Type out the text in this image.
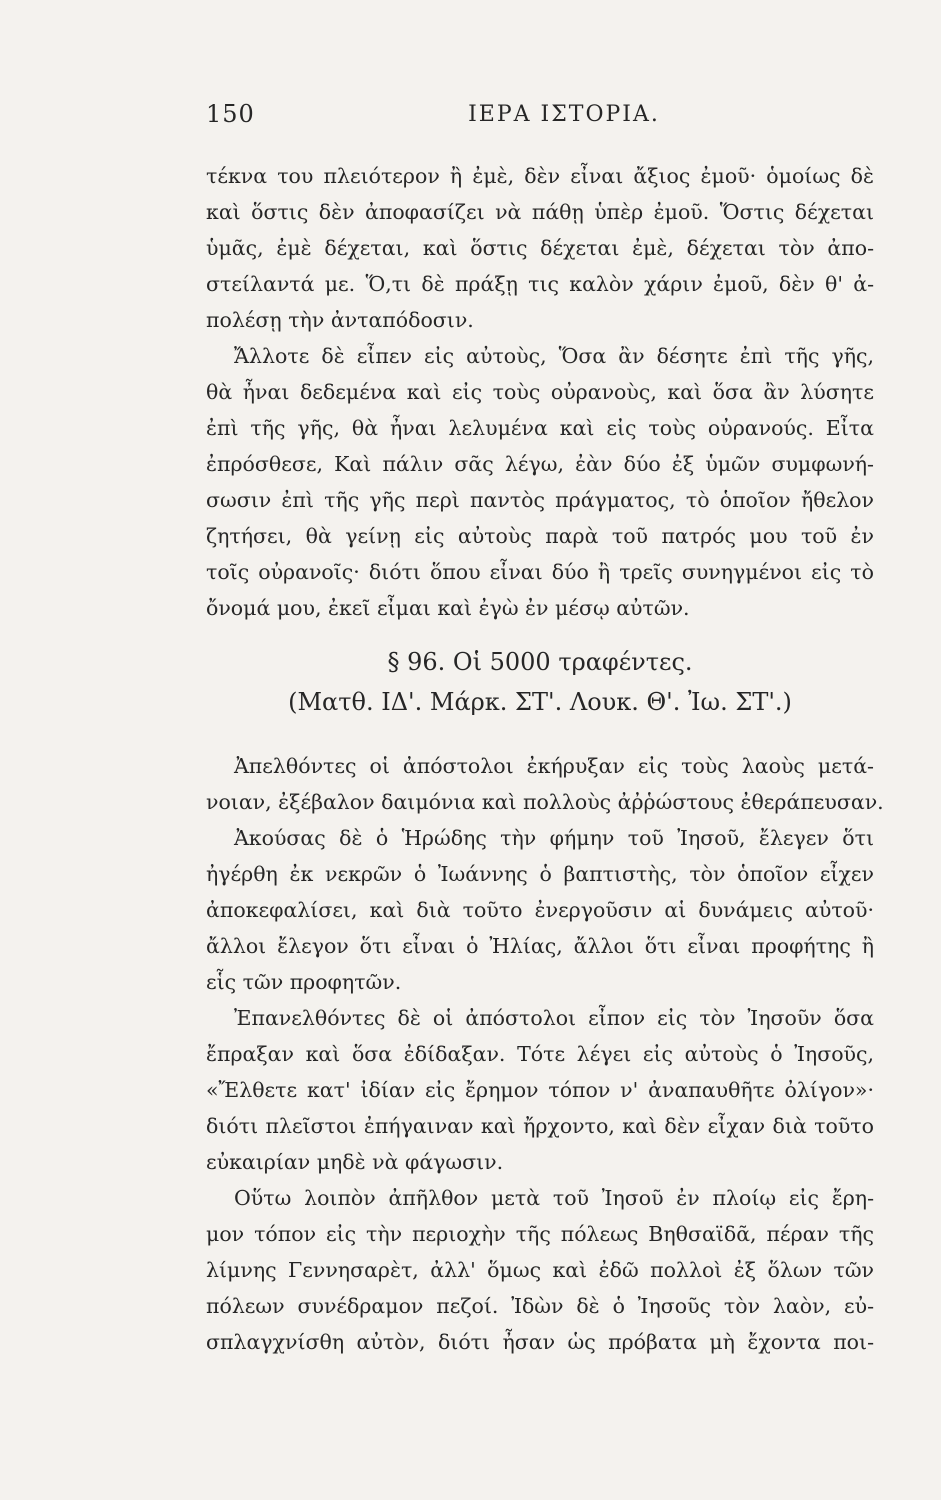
150	ΙΕΡΑ ΙΣΤΟΡΙΑ.
τέκνα του πλειότερον ἢ ἐμὲ, δὲν εἶναι ἄξιος ἐμοῦ· ὁμοίως δὲ
καὶ ὅστις δὲν ἀποφασίζει νὰ πάθῃ ὑπὲρ ἐμοῦ. Ὅστις δέχεται
ὑμᾶς, ἐμὲ δέχεται, καὶ ὅστις δέχεται ἐμὲ, δέχεται τὸν ἀπο-
στείλαντά με. Ὅ,τι δὲ πράξῃ τις καλὸν χάριν ἐμοῦ, δὲν θ' ἀ-
πολέσῃ τὴν ἀνταπόδοσιν.
Ἄλλοτε δὲ εἶπεν εἰς αὐτοὺς, Ὅσα ἂν δέσητε ἐπὶ τῆς γῆς,
θὰ ἦναι δεδεμένα καὶ εἰς τοὺς οὐρανοὺς, καὶ ὅσα ἂν λύσητε
ἐπὶ τῆς γῆς, θὰ ἦναι λελυμένα καὶ εἰς τοὺς οὐρανούς. Εἶτα
ἐπρόσθεσε, Καὶ πάλιν σᾶς λέγω, ἐὰν δύο ἐξ ὑμῶν συμφωνή-
σωσιν ἐπὶ τῆς γῆς περὶ παντὸς πράγματος, τὸ ὁποῖον ἤθελον
ζητήσει, θὰ γείνῃ εἰς αὐτοὺς παρὰ τοῦ πατρός μου τοῦ ἐν
τοῖς οὐρανοῖς· διότι ὅπου εἶναι δύο ἢ τρεῖς συνηγμένοι εἰς τὸ
ὄνομά μου, ἐκεῖ εἶμαι καὶ ἐγὼ ἐν μέσῳ αὐτῶν.
§ 96. Οἱ 5000 τραφέντες.
(Ματθ. ΙΔ'. Μάρκ. ΣΤ'. Λουκ. Θ'. Ἰω. ΣΤ'.)
Ἀπελθόντες οἱ ἀπόστολοι ἐκήρυξαν εἰς τοὺς λαοὺς μετά-
νοιαν, ἐξέβαλον δαιμόνια καὶ πολλοὺς ἀῤῥώστους ἐθεράπευσαν.
Ἀκούσας δὲ ὁ Ἡρώδης τὴν φήμην τοῦ Ἰησοῦ, ἔλεγεν ὅτι
ἠγέρθη ἐκ νεκρῶν ὁ Ἰωάννης ὁ βαπτιστὴς, τὸν ὁποῖον εἶχεν
ἀποκεφαλίσει, καὶ διὰ τοῦτο ἐνεργοῦσιν αἱ δυνάμεις αὐτοῦ·
ἄλλοι ἔλεγον ὅτι εἶναι ὁ Ἠλίας, ἄλλοι ὅτι εἶναι προφήτης ἢ
εἷς τῶν προφητῶν.
Ἐπανελθόντες δὲ οἱ ἀπόστολοι εἶπον εἰς τὸν Ἰησοῦν ὅσα
ἔπραξαν καὶ ὅσα ἐδίδαξαν. Τότε λέγει εἰς αὐτοὺς ὁ Ἰησοῦς,
«Ἔλθετε κατ' ἰδίαν εἰς ἔρημον τόπον ν' ἀναπαυθῆτε ὀλίγον»·
διότι πλεῖστοι ἐπήγαιναν καὶ ἤρχοντο, καὶ δὲν εἶχαν διὰ τοῦτο
εὐκαιρίαν μηδὲ νὰ φάγωσιν.
Οὕτω λοιπὸν ἀπῆλθον μετὰ τοῦ Ἰησοῦ ἐν πλοίῳ εἰς ἔρη-
μον τόπον εἰς τὴν περιοχὴν τῆς πόλεως Βηθσαϊδᾶ, πέραν τῆς
λίμνης Γεννησαρὲτ, ἀλλ' ὅμως καὶ ἐδῶ πολλοὶ ἐξ ὅλων τῶν
πόλεων συνέδραμον πεζοί. Ἰδὼν δὲ ὁ Ἰησοῦς τὸν λαὸν, εὐ-
σπλαγχνίσθη αὐτὸν, διότι ἦσαν ὡς πρόβατα μὴ ἔχοντα ποι-
